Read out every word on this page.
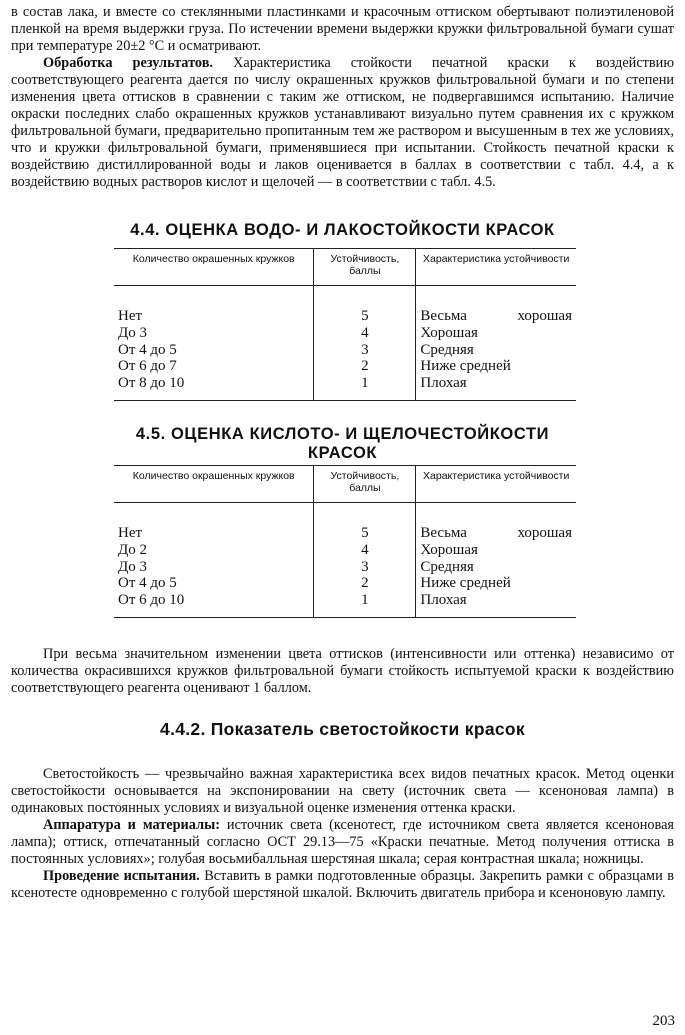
в состав лака, и вместе со стеклянными пластинками и красочным оттиском обертывают полиэтиленовой пленкой на время выдержки груза. По истечении времени выдержки кружки фильтровальной бумаги сушат при температуре 20±2 °С и осматривают.

Обработка результатов. Характеристика стойкости печатной краски к воздействию соответствующего реагента дается по числу окрашенных кружков фильтровальной бумаги и по степени изменения цвета оттисков в сравнении с таким же оттиском, не подвергавшимся испытанию. Наличие окраски последних слабо окрашенных кружков устанавливают визуально путем сравнения их с кружком фильтровальной бумаги, предварительно пропитанным тем же раствором и высушенным в тех же условиях, что и кружки фильтровальной бумаги, применявшиеся при испытании. Стойкость печатной краски к воздействию дистиллированной воды и лаков оценивается в баллах в соответствии с табл. 4.4, а к воздействию водных растворов кислот и щелочей — в соответствии с табл. 4.5.

4.4. ОЦЕНКА ВОДО- И ЛАКОСТОЙКОСТИ КРАСОК
Количество окрашенных кружков	Устойчивость, баллы	Характеристика устойчивости
Нет	5	Весьма хорошая
До 3	4	Хорошая
От 4 до 5	3	Средняя
От 6 до 7	2	Ниже средней
От 8 до 10	1	Плохая
4.5. ОЦЕНКА КИСЛОТО- И ЩЕЛОЧЕСТОЙКОСТИ
КРАСОК
Количество окрашенных кружков	Устойчивость, баллы	Характеристика устойчивости
Нет	5	Весьма хорошая
До 2	4	Хорошая
До 3	3	Средняя
От 4 до 5	2	Ниже средней
От 6 до 10	1	Плохая

При весьма значительном изменении цвета оттисков (интенсивности или оттенка) независимо от количества окрасившихся кружков фильтровальной бумаги стойкость испытуемой краски к воздействию соответствующего реагента оценивают 1 баллом.

4.4.2. Показатель светостойкости красок

Светостойкость — чрезвычайно важная характеристика всех видов печатных красок. Метод оценки светостойкости основывается на экспонировании на свету (источник света — ксеноновая лампа) в одинаковых постоянных условиях и визуальной оценке изменения оттенка краски.

Аппаратура и материалы: источник света (ксенотест, где источником света является ксеноновая лампа); оттиск, отпечатанный согласно ОСТ 29.13—75 «Краски печатные. Метод получения оттиска в постоянных условиях»; голубая восьмибалльная шерстяная шкала; серая контрастная шкала; ножницы.

Проведение испытания. Вставить в рамки подготовленные образцы. Закрепить рамки с образцами в ксенотесте одновременно с голубой шерстяной шкалой. Включить двигатель прибора и ксеноновую лампу.

203
